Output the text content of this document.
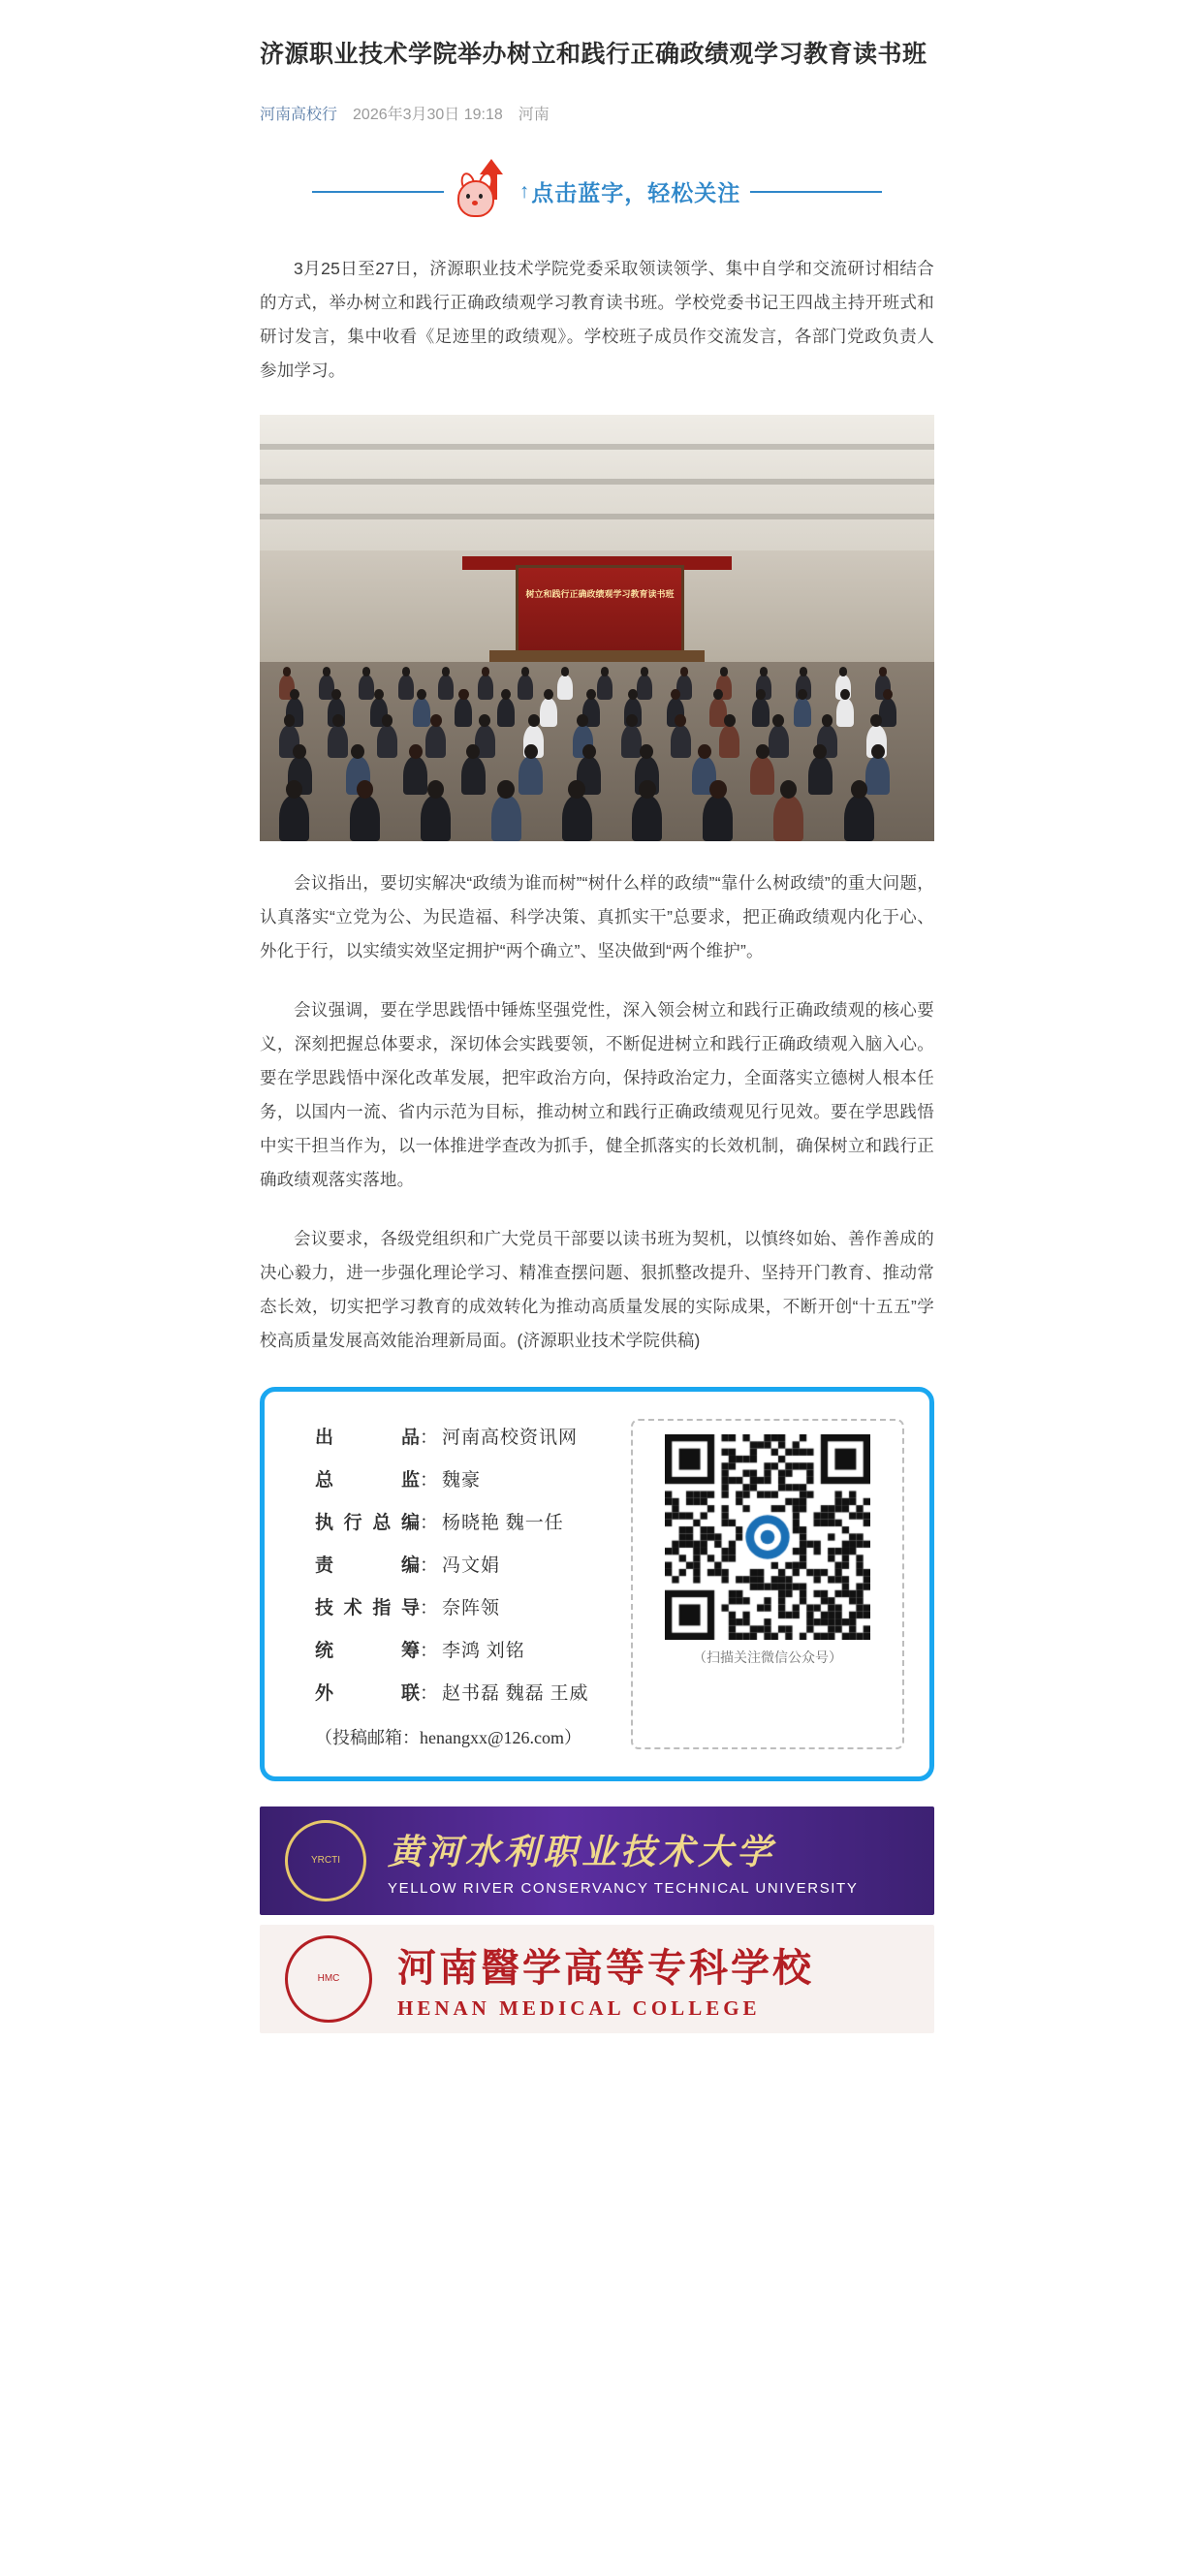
济源职业技术学院举办树立和践行正确政绩观学习教育读书班
河南高校行 2026年3月30日 19:18 河南
↑ 点击蓝字，轻松关注

3月25日至27日，济源职业技术学院党委采取领读领学、集中自学和交流研讨相结合的方式，举办树立和践行正确政绩观学习教育读书班。学校党委书记王四战主持开班式和研讨发言，集中收看《足迹里的政绩观》。学校班子成员作交流发言，各部门党政负责人参加学习。

树立和践行正确政绩观学习教育读书班

会议指出，要切实解决“政绩为谁而树”“树什么样的政绩”“靠什么树政绩”的重大问题，认真落实“立党为公、为民造福、科学决策、真抓实干”总要求，把正确政绩观内化于心、外化于行，以实绩实效坚定拥护“两个确立”、坚决做到“两个维护”。

会议强调，要在学思践悟中锤炼坚强党性，深入领会树立和践行正确政绩观的核心要义，深刻把握总体要求，深切体会实践要领，不断促进树立和践行正确政绩观入脑入心。要在学思践悟中深化改革发展，把牢政治方向，保持政治定力，全面落实立德树人根本任务，以国内一流、省内示范为目标，推动树立和践行正确政绩观见行见效。要在学思践悟中实干担当作为，以一体推进学查改为抓手，健全抓落实的长效机制，确保树立和践行正确政绩观落实落地。

会议要求，各级党组织和广大党员干部要以读书班为契机，以慎终如始、善作善成的决心毅力，进一步强化理论学习、精准查摆问题、狠抓整改提升、坚持开门教育、推动常态长效，切实把学习教育的成效转化为推动高质量发展的实际成果，不断开创“十五五”学校高质量发展高效能治理新局面。(济源职业技术学院供稿)

出品 ： 河南高校资讯网
总监 ： 魏豪
执行总编 ： 杨晓艳 魏一任
责编 ： 冯文娟
技术指导 ： 奈阵领
统筹 ： 李鸿 刘铭
外联 ： 赵书磊 魏磊 王威
（投稿邮箱：henangxx@126.com）
（扫描关注微信公众号）
YRCTI	黄河水利职业技术大学
YELLOW RIVER CONSERVANCY TECHNICAL UNIVERSITY
HMC	河南醫学高等专科学校
HENAN MEDICAL COLLEGE
